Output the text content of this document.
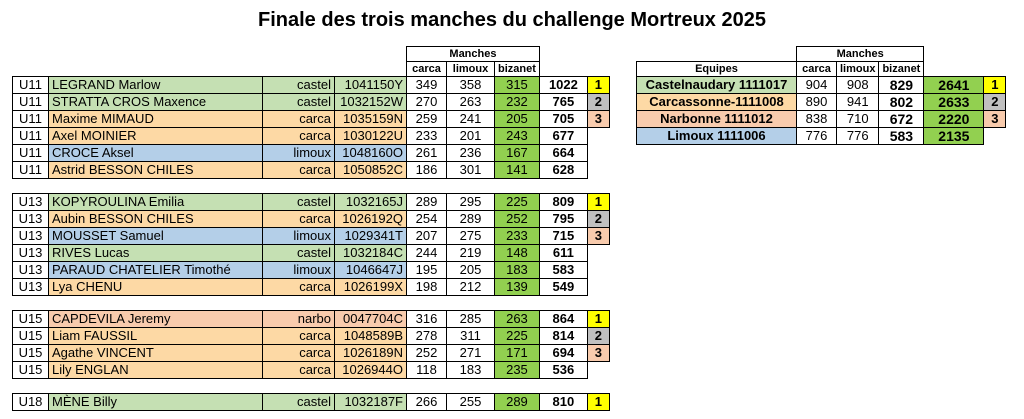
Finale des trois manches du challenge Mortreux 2025
				Manches				
				carca	limoux	bizanet		
U11	LEGRAND Marlow	castel	1041150Y	349	358	315	1022	1
U11	STRATTA CROS Maxence	castel	1032152W	270	263	232	765	2
U11	Maxime MIMAUD	carca	1035159N	259	241	205	705	3
U11	Axel MOINIER	carca	1030122U	233	201	243	677	
U11	CROCE Aksel	limoux	1048160O	261	236	167	664	
U11	Astrid BESSON CHILES	carca	1050852C	186	301	141	628	

U13	KOPYROULINA Emilia	castel	1032165J	289	295	225	809	1
U13	Aubin BESSON CHILES	carca	1026192Q	254	289	252	795	2
U13	MOUSSET Samuel	limoux	1029341T	207	275	233	715	3
U13	RIVES Lucas	castel	1032184C	244	219	148	611	
U13	PARAUD CHATELIER Timothé	limoux	1046647J	195	205	183	583	
U13	Lya CHENU	carca	1026199X	198	212	139	549	

U15	CAPDEVILA Jeremy	narbo	0047704C	316	285	263	864	1
U15	Liam FAUSSIL	carca	1048589B	278	311	225	814	2
U15	Agathe VINCENT	carca	1026189N	252	271	171	694	3
U15	Lily ENGLAN	carca	1026944O	118	183	235	536	

U18	MÈNE Billy	castel	1032187F	266	255	289	810	1
	Manches				
Equipes	carca	limoux	bizanet		
Castelnaudary 1111017	904	908	829	2641	1
Carcassonne-1111008	890	941	802	2633	2
Narbonne 1111012	838	710	672	2220	3
Limoux 1111006	776	776	583	2135	
